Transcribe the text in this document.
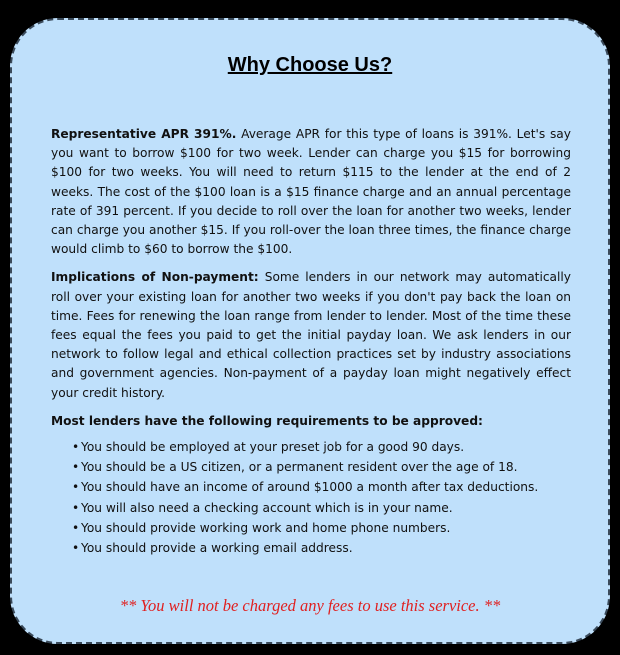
Why Choose Us?

Representative APR 391%. Average APR for this type of loans is 391%. Let's say you want to borrow $100 for two week. Lender can charge you $15 for borrowing $100 for two weeks. You will need to return $115 to the lender at the end of 2 weeks. The cost of the $100 loan is a $15 finance charge and an annual percentage rate of 391 percent. If you decide to roll over the loan for another two weeks, lender can charge you another $15. If you roll-over the loan three times, the finance charge would climb to $60 to borrow the $100.

Implications of Non-payment: Some lenders in our network may automatically roll over your existing loan for another two weeks if you don't pay back the loan on time. Fees for renewing the loan range from lender to lender. Most of the time these fees equal the fees you paid to get the initial payday loan. We ask lenders in our network to follow legal and ethical collection practices set by industry associations and government agencies. Non-payment of a payday loan might negatively effect your credit history.

Most lenders have the following requirements to be approved:
• You should be employed at your preset job for a good 90 days.
• You should be a US citizen, or a permanent resident over the age of 18.
• You should have an income of around $1000 a month after tax deductions.
• You will also need a checking account which is in your name.
• You should provide working work and home phone numbers.
• You should provide a working email address.
** You will not be charged any fees to use this service. **
